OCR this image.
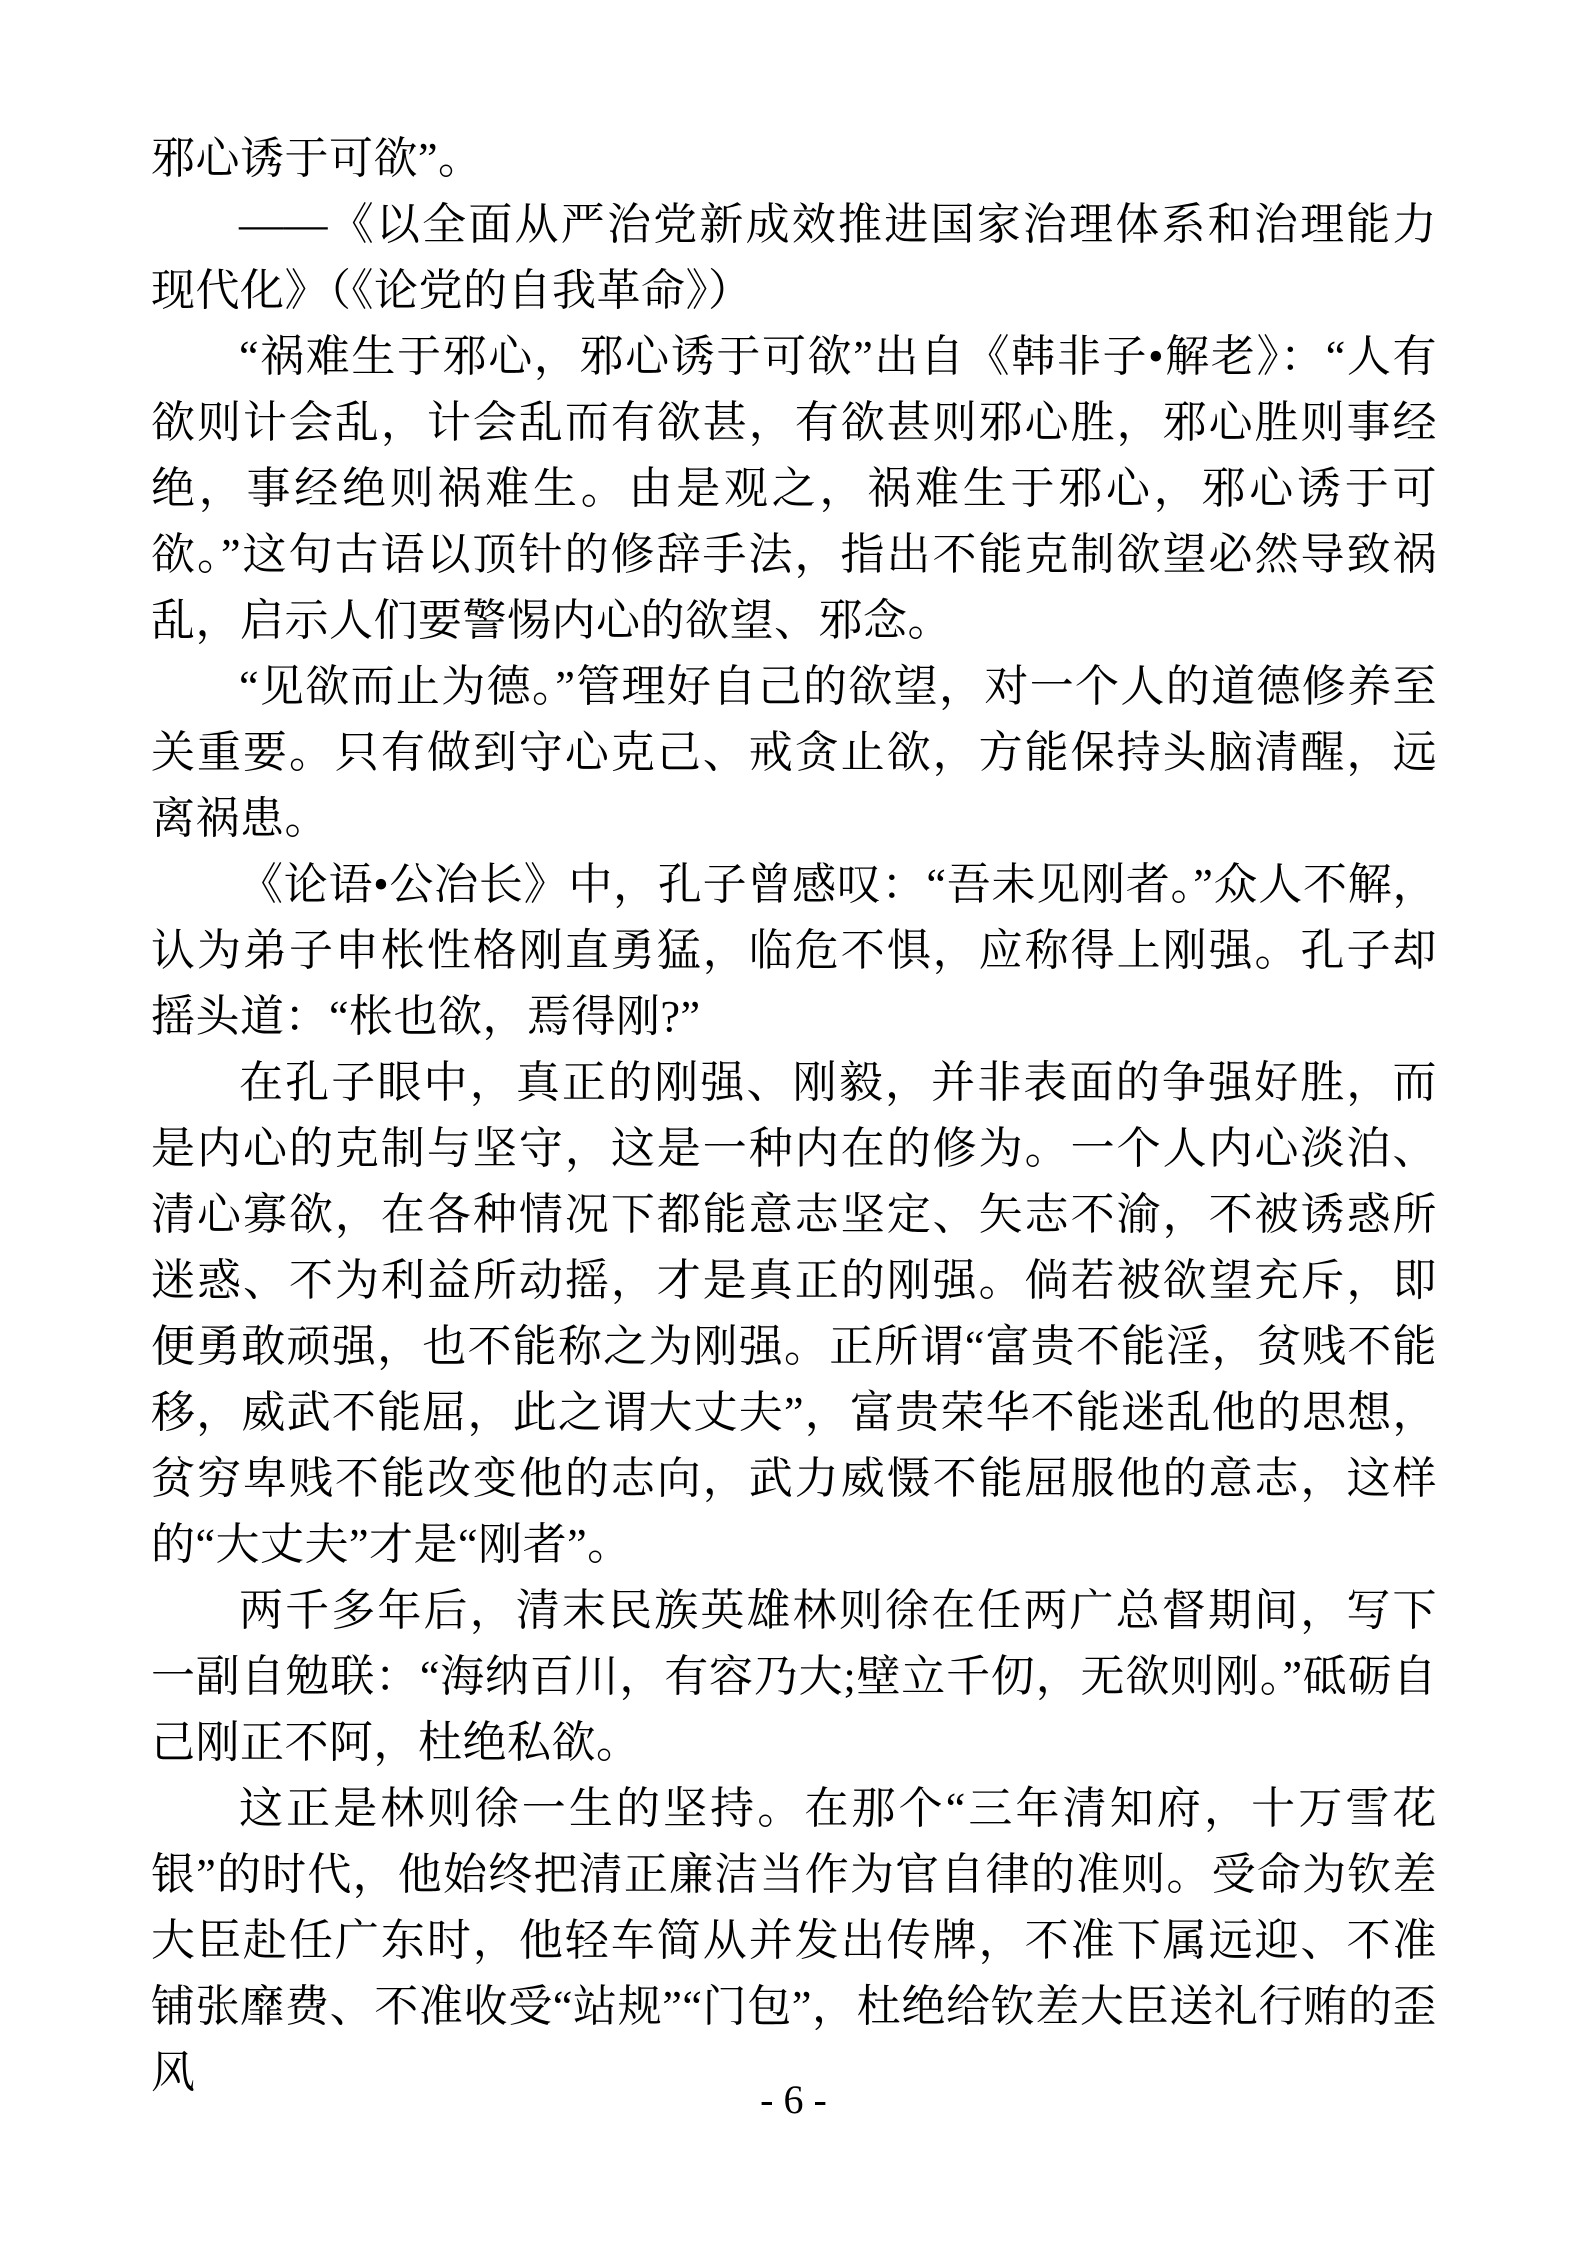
邪心诱于可欲”。

——《以全面从严治党新成效推进国家治理体系和治理能力现代化》（《论党的自我革命》）

“祸难生于邪心，邪心诱于可欲”出自《韩非子•解老》：“人有欲则计会乱，计会乱而有欲甚，有欲甚则邪心胜，邪心胜则事经绝，事经绝则祸难生。由是观之，祸难生于邪心，邪心诱于可欲。”这句古语以顶针的修辞手法，指出不能克制欲望必然导致祸乱，启示人们要警惕内心的欲望、邪念。

“见欲而止为德。”管理好自己的欲望，对一个人的道德修养至关重要。只有做到守心克己、戒贪止欲，方能保持头脑清醒，远离祸患。

《论语•公冶长》中，孔子曾感叹：“吾未见刚者。”众人不解，认为弟子申枨性格刚直勇猛，临危不惧，应称得上刚强。孔子却摇头道：“枨也欲，焉得刚?”

在孔子眼中，真正的刚强、刚毅，并非表面的争强好胜，而是内心的克制与坚守，这是一种内在的修为。一个人内心淡泊、清心寡欲，在各种情况下都能意志坚定、矢志不渝，不被诱惑所迷惑、不为利益所动摇，才是真正的刚强。倘若被欲望充斥，即便勇敢顽强，也不能称之为刚强。正所谓“富贵不能淫，贫贱不能移，威武不能屈，此之谓大丈夫”，富贵荣华不能迷乱他的思想，贫穷卑贱不能改变他的志向，武力威慑不能屈服他的意志，这样的“大丈夫”才是“刚者”。

两千多年后，清末民族英雄林则徐在任两广总督期间，写下一副自勉联：“海纳百川，有容乃大;壁立千仞，无欲则刚。”砥砺自己刚正不阿，杜绝私欲。

这正是林则徐一生的坚持。在那个“三年清知府，十万雪花银”的时代，他始终把清正廉洁当作为官自律的准则。受命为钦差大臣赴任广东时，他轻车简从并发出传牌，不准下属远迎、不准铺张靡费、不准收受“站规”“门包”，杜绝给钦差大臣送礼行贿的歪风

- 6 -
